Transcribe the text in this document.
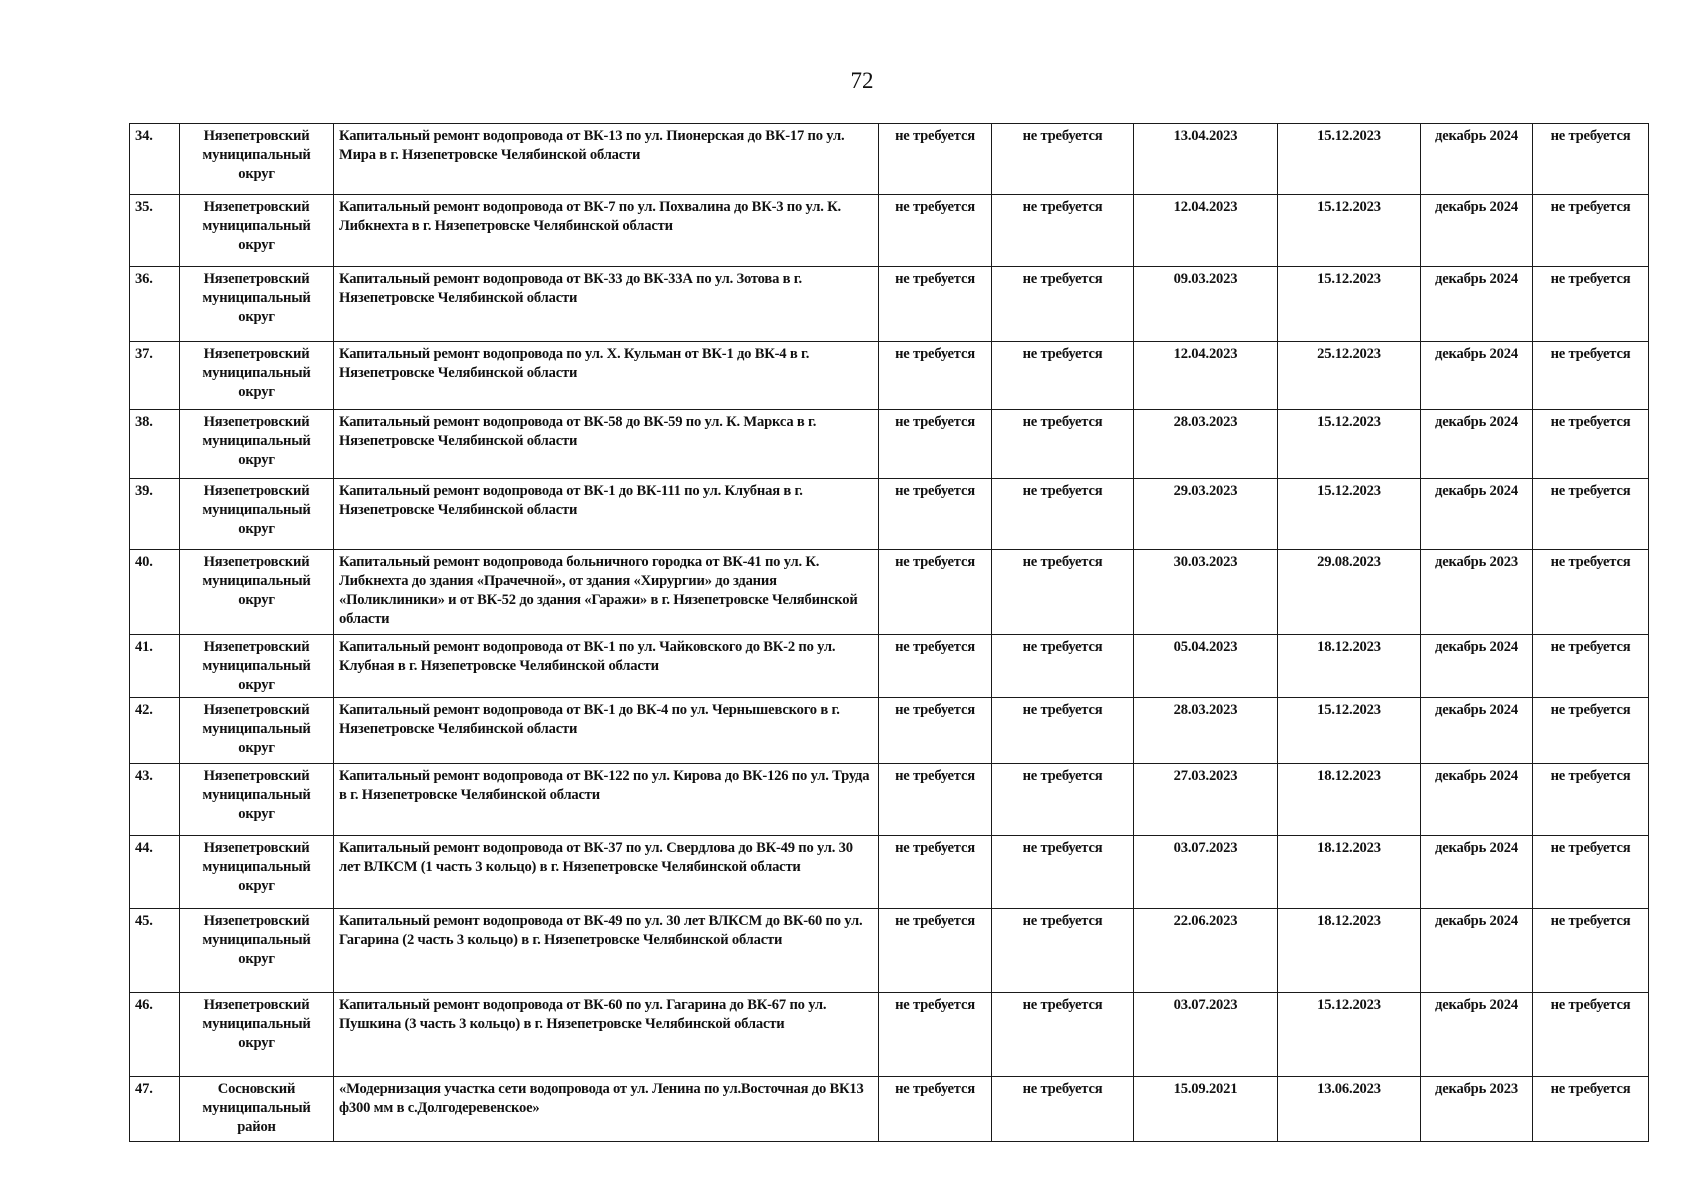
72
34.	Нязепетровский муниципальный округ	Капитальный ремонт водопровода от ВК-13 по ул. Пионерская до ВК-17 по ул. Мира в г. Нязепетровске Челябинской области	не требуется	не требуется	13.04.2023	15.12.2023	декабрь 2024	не требуется
35.	Нязепетровский муниципальный округ	Капитальный ремонт водопровода от ВК-7 по ул. Похвалина до ВК-3 по ул. К. Либкнехта в г. Нязепетровске Челябинской области	не требуется	не требуется	12.04.2023	15.12.2023	декабрь 2024	не требуется
36.	Нязепетровский муниципальный округ	Капитальный ремонт водопровода от ВК-33 до ВК-33А по ул. Зотова в г. Нязепетровске Челябинской области	не требуется	не требуется	09.03.2023	15.12.2023	декабрь 2024	не требуется
37.	Нязепетровский муниципальный округ	Капитальный ремонт водопровода по ул. Х. Кульман от ВК-1 до ВК-4 в г. Нязепетровске Челябинской области	не требуется	не требуется	12.04.2023	25.12.2023	декабрь 2024	не требуется
38.	Нязепетровский муниципальный округ	Капитальный ремонт водопровода от ВК-58 до ВК-59 по ул. К. Маркса в г. Нязепетровске Челябинской области	не требуется	не требуется	28.03.2023	15.12.2023	декабрь 2024	не требуется
39.	Нязепетровский муниципальный округ	Капитальный ремонт водопровода от ВК-1 до ВК-111 по ул. Клубная в г. Нязепетровске Челябинской области	не требуется	не требуется	29.03.2023	15.12.2023	декабрь 2024	не требуется
40.	Нязепетровский муниципальный округ	Капитальный ремонт водопровода больничного городка от ВК-41 по ул. К. Либкнехта до здания «Прачечной», от здания «Хирургии» до здания «Поликлиники» и от ВК-52 до здания «Гаражи» в г. Нязепетровске Челябинской области	не требуется	не требуется	30.03.2023	29.08.2023	декабрь 2023	не требуется
41.	Нязепетровский муниципальный округ	Капитальный ремонт водопровода от ВК-1 по ул. Чайковского до ВК-2 по ул. Клубная в г. Нязепетровске Челябинской области	не требуется	не требуется	05.04.2023	18.12.2023	декабрь 2024	не требуется
42.	Нязепетровский муниципальный округ	Капитальный ремонт водопровода от ВК-1 до ВК-4 по ул. Чернышевского в г. Нязепетровске Челябинской области	не требуется	не требуется	28.03.2023	15.12.2023	декабрь 2024	не требуется
43.	Нязепетровский муниципальный округ	Капитальный ремонт водопровода от ВК-122 по ул. Кирова до ВК-126 по ул. Труда в г. Нязепетровске Челябинской области	не требуется	не требуется	27.03.2023	18.12.2023	декабрь 2024	не требуется
44.	Нязепетровский муниципальный округ	Капитальный ремонт водопровода от ВК-37 по ул. Свердлова до ВК-49 по ул. 30 лет ВЛКСМ (1 часть 3 кольцо) в г. Нязепетровске Челябинской области	не требуется	не требуется	03.07.2023	18.12.2023	декабрь 2024	не требуется
45.	Нязепетровский муниципальный округ	Капитальный ремонт водопровода от ВК-49 по ул. 30 лет ВЛКСМ до ВК-60 по ул. Гагарина (2 часть 3 кольцо) в г. Нязепетровске Челябинской области	не требуется	не требуется	22.06.2023	18.12.2023	декабрь 2024	не требуется
46.	Нязепетровский муниципальный округ	Капитальный ремонт водопровода от ВК-60 по ул. Гагарина до ВК-67 по ул. Пушкина (3 часть 3 кольцо) в г. Нязепетровске Челябинской области	не требуется	не требуется	03.07.2023	15.12.2023	декабрь 2024	не требуется
47.	Сосновский муниципальный район	«Модернизация участка сети водопровода от ул. Ленина по ул.Восточная до ВК13 ф300 мм в с.Долгодеревенское»	не требуется	не требуется	15.09.2021	13.06.2023	декабрь 2023	не требуется
